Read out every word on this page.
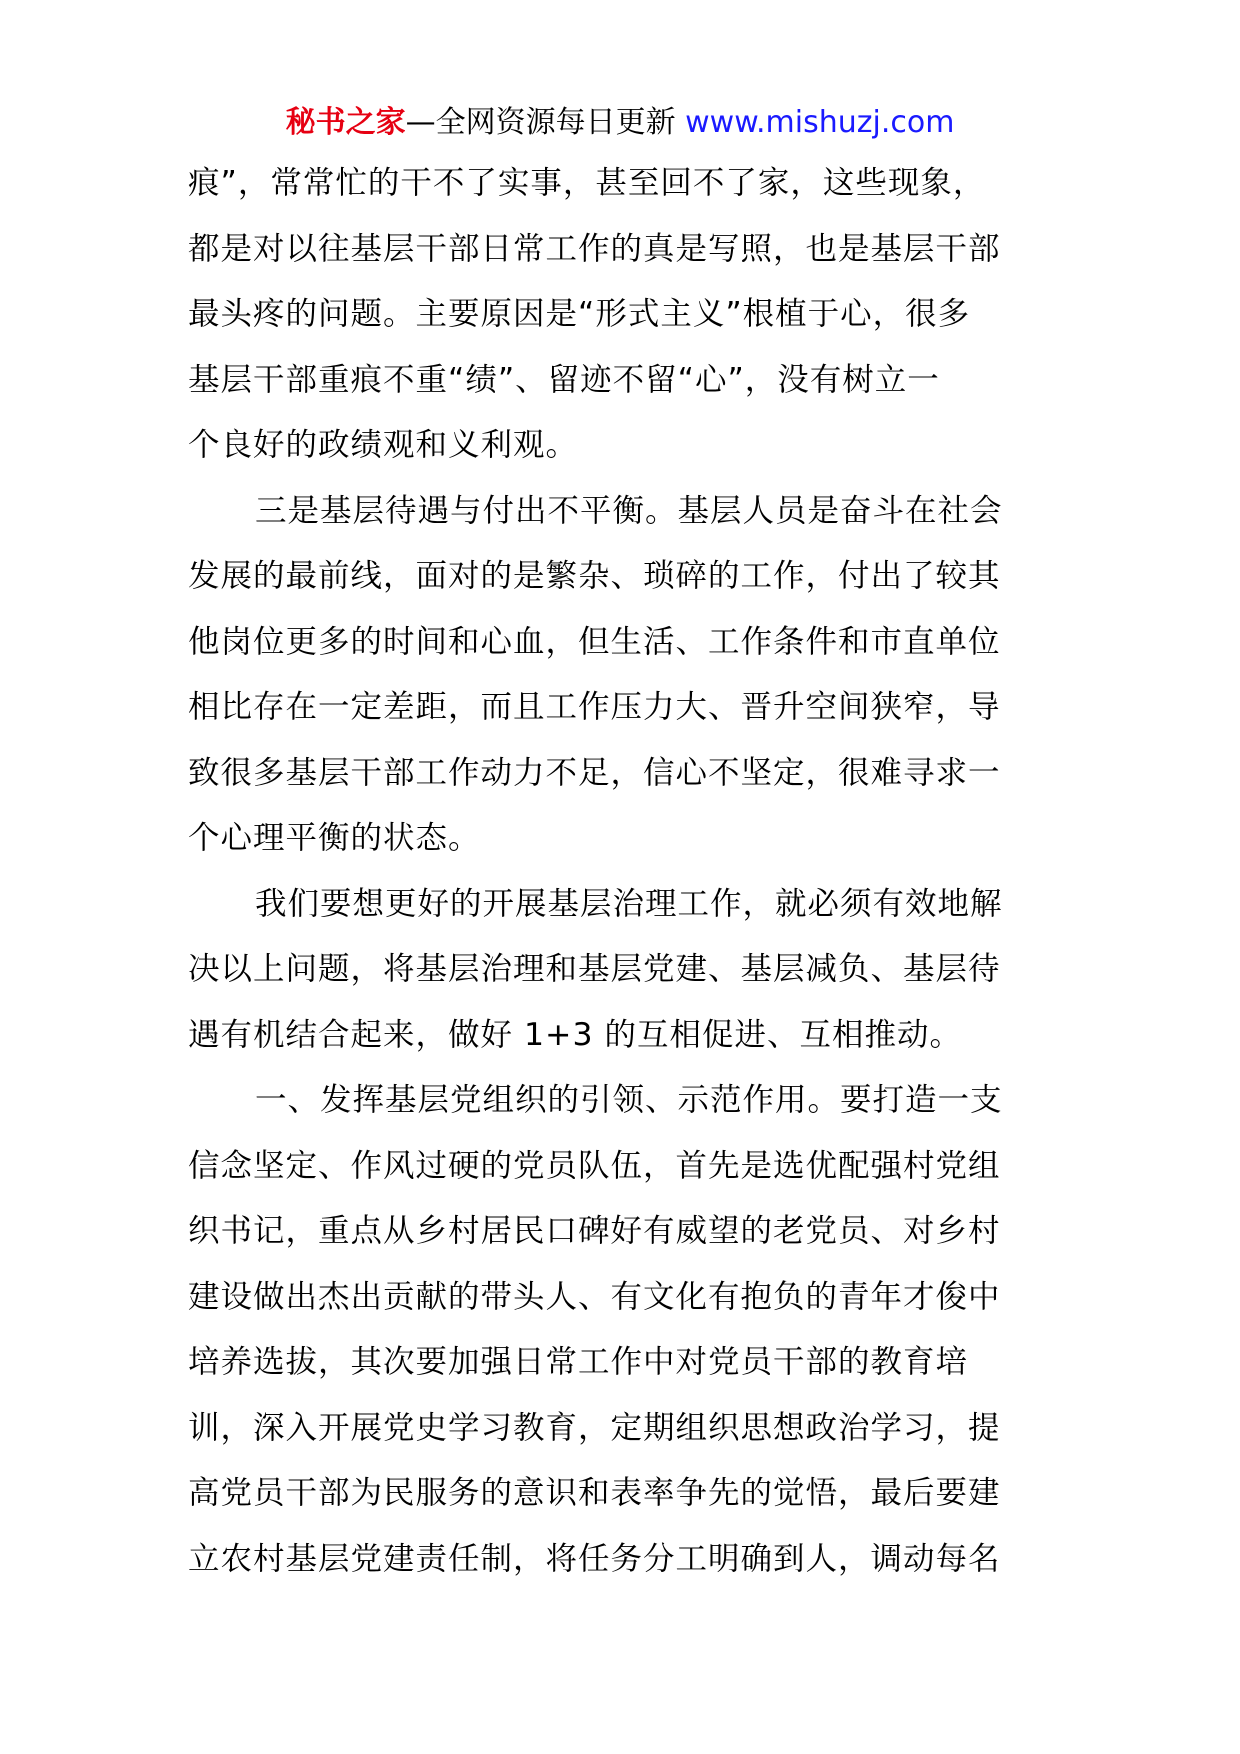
秘书之家—全网资源每日更新 www.mishuzj.com
痕”，常常忙的干不了实事，甚至回不了家，这些现象，
都是对以往基层干部日常工作的真是写照，也是基层干部
最头疼的问题。主要原因是“形式主义”根植于心，很多
基层干部重痕不重“绩”、留迹不留“心”，没有树立一
个良好的政绩观和义利观。
三是基层待遇与付出不平衡。基层人员是奋斗在社会
发展的最前线，面对的是繁杂、琐碎的工作，付出了较其
他岗位更多的时间和心血，但生活、工作条件和市直单位
相比存在一定差距，而且工作压力大、晋升空间狭窄，导
致很多基层干部工作动力不足，信心不坚定，很难寻求一
个心理平衡的状态。
我们要想更好的开展基层治理工作，就必须有效地解
决以上问题，将基层治理和基层党建、基层减负、基层待
遇有机结合起来，做好 1+3 的互相促进、互相推动。
一、发挥基层党组织的引领、示范作用。要打造一支
信念坚定、作风过硬的党员队伍，首先是选优配强村党组
织书记，重点从乡村居民口碑好有威望的老党员、对乡村
建设做出杰出贡献的带头人、有文化有抱负的青年才俊中
培养选拔，其次要加强日常工作中对党员干部的教育培
训，深入开展党史学习教育，定期组织思想政治学习，提
高党员干部为民服务的意识和表率争先的觉悟，最后要建
立农村基层党建责任制，将任务分工明确到人，调动每名
